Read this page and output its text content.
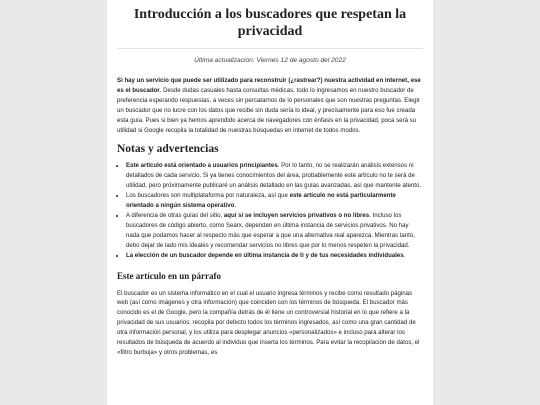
Introducción a los buscadores que respetan la privacidad
Última actualización: Viernes 12 de agosto del 2022

Si hay un servicio que puede ser utilizado para reconstruir (¿rastrear?) nuestra actividad en internet, ese es el buscador. Desde dudas casuales hasta consultas médicas, todo lo ingresamos en nuestro buscador de preferencia esperando respuestas, a veces sin percatarnos de lo personales que son nuestras preguntas. Elegir un buscador que no lucre con los datos que recibe sin duda sería lo ideal, y precisamente para eso fue creada esta guía. Pues si bien ya hemos aprendido acerca de navegadores con énfasis en la privacidad, poca será su utilidad si Google recopila la totalidad de nuestras búsquedas en internet de todos modos.

Notas y advertencias
• Este artículo está orientado a usuarios principiantes. Por lo tanto, no se realizarán análisis extensos ni detallados de cada servicio. Si ya tienes conocimientos del área, probablemente este artículo no te será de utilidad, pero próximamente publicaré un análisis detallado en las guías avanzadas, así que mantente atento.
• Los buscadores son multiplataforma por naturaleza, así que este artículo no está particularmente orientado a ningún sistema operativo.
• A diferencia de otras guías del sitio, aquí sí se incluyen servicios privativos o no libres. Incluso los buscadores de código abierto, como Searx, dependen en última instancia de servicios privativos. No hay nada que podamos hacer al respecto más que esperar a que una alternativa real aparezca. Mientras tanto, debo dejar de lado mis ideales y recomendar servicios no libres que por lo menos respeten la privacidad.
• La elección de un buscador depende en última instancia de ti y de tus necesidades individuales.
Este artículo en un párrafo

El buscador es un sistema informático en el cual el usuario ingresa términos y recibe como resultado páginas web (así como imágenes y otra información) que coinciden con los términos de búsqueda. El buscador más conocido es el de Google, pero la compañía detrás de él tiene un controversial historial en lo que refiere a la privacidad de sus usuarios; recopila por defecto todos los términos ingresados, así como una gran cantidad de otra información personal, y los utiliza para desplegar anuncios «personalizados» e incluso para alterar los resultados de búsqueda de acuerdo al individuo que inserta los términos. Para evitar la recopilación de datos, el «filtro burbuja» y otros problemas, es
